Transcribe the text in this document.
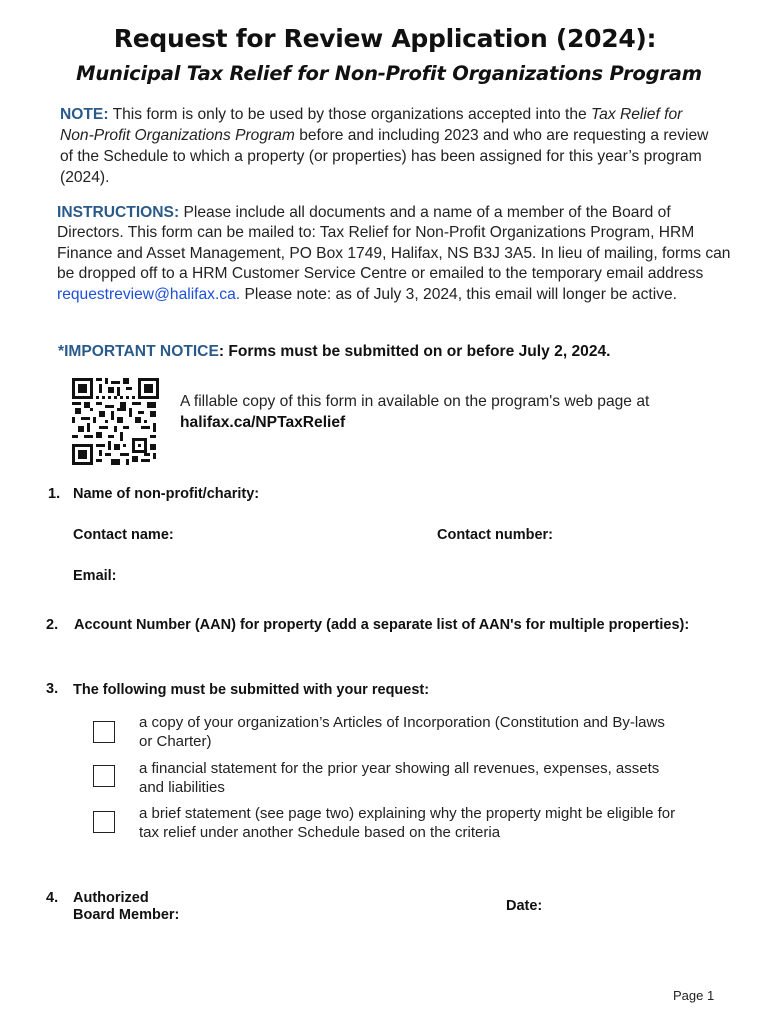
Request for Review Application (2024):
Municipal Tax Relief for Non-Profit Organizations Program
NOTE: This form is only to be used by those organizations accepted into the Tax Relief for Non-Profit Organizations Program before and including 2023 and who are requesting a review of the Schedule to which a property (or properties) has been assigned for this year’s program (2024).
INSTRUCTIONS: Please include all documents and a name of a member of the Board of Directors. This form can be mailed to: Tax Relief for Non-Profit Organizations Program, HRM Finance and Asset Management, PO Box 1749, Halifax, NS B3J 3A5. In lieu of mailing, forms can be dropped off to a HRM Customer Service Centre or emailed to the temporary email address requestreview@halifax.ca. Please note: as of July 3, 2024, this email will longer be active.
*IMPORTANT NOTICE: Forms must be submitted on or before July 2, 2024.
A fillable copy of this form in available on the program's web page at halifax.ca/NPTaxRelief
1. Name of non-profit/charity:
Contact name:	Contact number:
Email:
2. Account Number (AAN) for property (add a separate list of AAN's for multiple properties):
3. The following must be submitted with your request:
a copy of your organization’s Articles of Incorporation (Constitution and By-laws or Charter)
a financial statement for the prior year showing all revenues, expenses, assets and liabilities
a brief statement (see page two) explaining why the property might be eligible for tax relief under another Schedule based on the criteria
4. Authorized
Board Member:
Date:
Page 1
